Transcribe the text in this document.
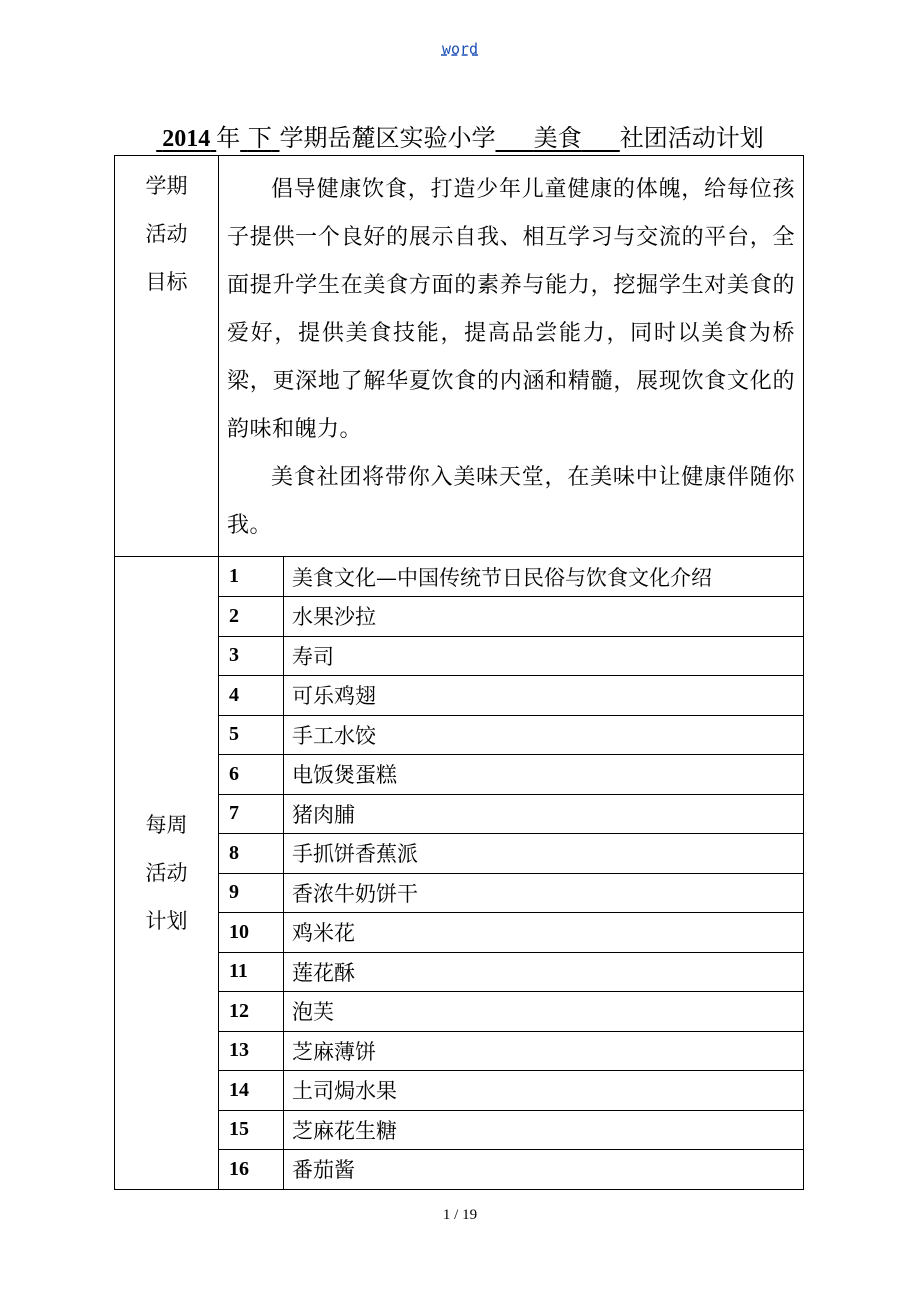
word
2014 年 下 学期岳麓区实验小学 美食 社团活动计划
学期
活动
目标

倡导健康饮食，打造少年儿童健康的体魄，给每位孩子提供一个良好的展示自我、相互学习与交流的平台，全面提升学生在美食方面的素养与能力，挖掘学生对美食的爱好，提供美食技能，提高品尝能力，同时以美食为桥梁，更深地了解华夏饮食的内涵和精髓，展现饮食文化的韵味和魄力。

美食社团将带你入美味天堂，在美味中让健康伴随你我。

每周
活动
计划

1	美食文化—中国传统节日民俗与饮食文化介绍
2	水果沙拉
3	寿司
4	可乐鸡翅
5	手工水饺
6	电饭煲蛋糕
7	猪肉脯
8	手抓饼香蕉派
9	香浓牛奶饼干
10	鸡米花
11	莲花酥
12	泡芙
13	芝麻薄饼
14	土司焗水果
15	芝麻花生糖
16	番茄酱
1 / 19
